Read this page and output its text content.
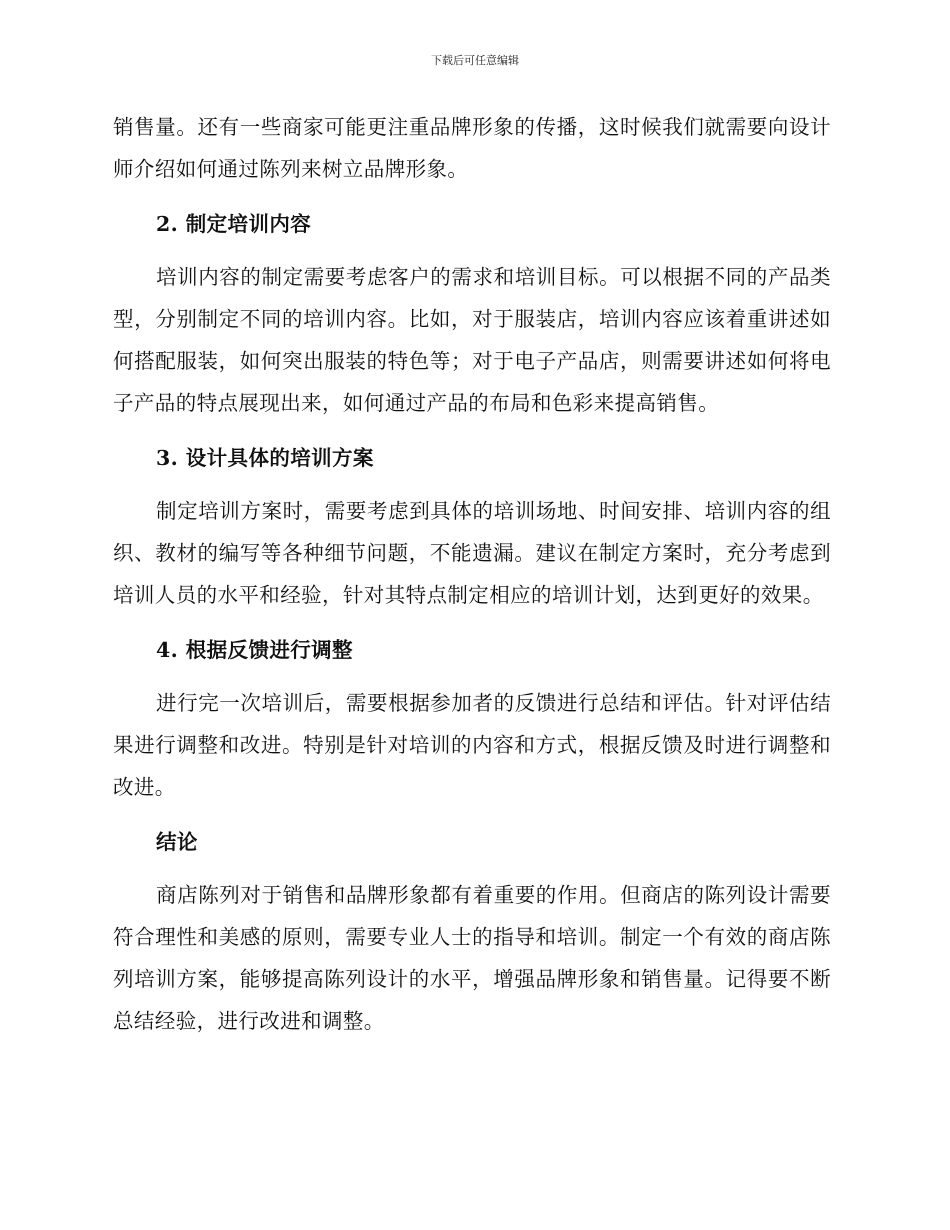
下载后可任意编辑

销售量。还有一些商家可能更注重品牌形象的传播，这时候我们就需要向设计师介绍如何通过陈列来树立品牌形象。

2. 制定培训内容

培训内容的制定需要考虑客户的需求和培训目标。可以根据不同的产品类型，分别制定不同的培训内容。比如，对于服装店，培训内容应该着重讲述如何搭配服装，如何突出服装的特色等；对于电子产品店，则需要讲述如何将电子产品的特点展现出来，如何通过产品的布局和色彩来提高销售。

3. 设计具体的培训方案

制定培训方案时，需要考虑到具体的培训场地、时间安排、培训内容的组织、教材的编写等各种细节问题，不能遗漏。建议在制定方案时，充分考虑到培训人员的水平和经验，针对其特点制定相应的培训计划，达到更好的效果。

4. 根据反馈进行调整

进行完一次培训后，需要根据参加者的反馈进行总结和评估。针对评估结果进行调整和改进。特别是针对培训的内容和方式，根据反馈及时进行调整和改进。

结论

商店陈列对于销售和品牌形象都有着重要的作用。但商店的陈列设计需要符合理性和美感的原则，需要专业人士的指导和培训。制定一个有效的商店陈列培训方案，能够提高陈列设计的水平，增强品牌形象和销售量。记得要不断总结经验，进行改进和调整。
